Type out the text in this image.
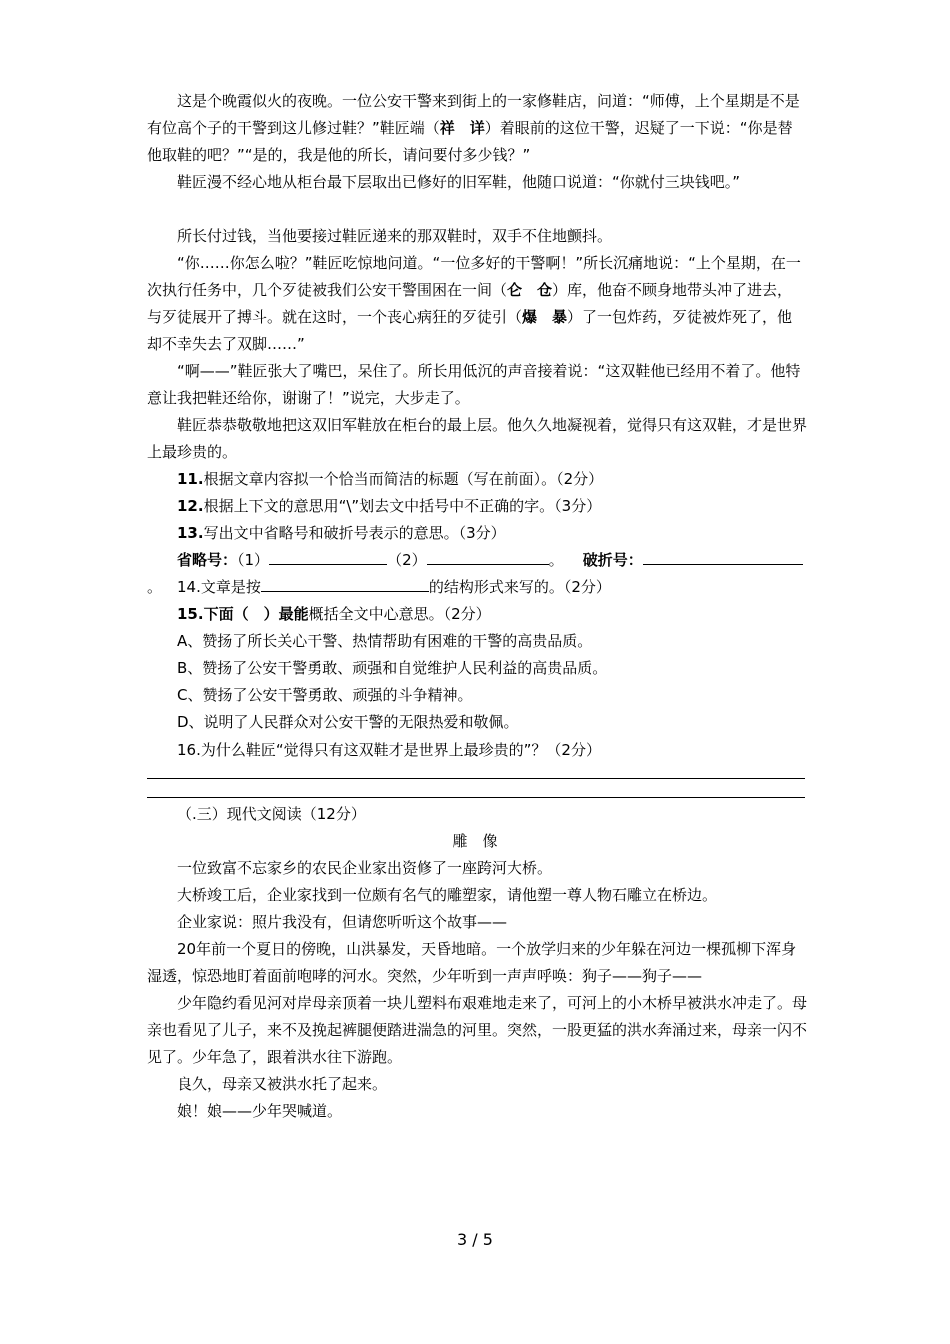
这是个晚霞似火的夜晚。一位公安干警来到街上的一家修鞋店，问道：“师傅，上个星期是不是有位高个子的干警到这儿修过鞋？”鞋匠端（祥　详）着眼前的这位干警，迟疑了一下说：“你是替他取鞋的吧？”“是的，我是他的所长，请问要付多少钱？”

鞋匠漫不经心地从柜台最下层取出已修好的旧军鞋，他随口说道：“你就付三块钱吧。”

所长付过钱，当他要接过鞋匠递来的那双鞋时，双手不住地颤抖。

“你……你怎么啦？”鞋匠吃惊地问道。“一位多好的干警啊！”所长沉痛地说：“上个星期，在一次执行任务中，几个歹徒被我们公安干警围困在一间（仑　仓）库，他奋不顾身地带头冲了进去，与歹徒展开了搏斗。就在这时，一个丧心病狂的歹徒引（爆　暴）了一包炸药，歹徒被炸死了，他却不幸失去了双脚……”

“啊——”鞋匠张大了嘴巴，呆住了。所长用低沉的声音接着说：“这双鞋他已经用不着了。他特意让我把鞋还给你，谢谢了！”说完，大步走了。

鞋匠恭恭敬敬地把这双旧军鞋放在柜台的最上层。他久久地凝视着，觉得只有这双鞋，才是世界上最珍贵的。

11.根据文章内容拟一个恰当而简洁的标题（写在前面）。（2分）

12.根据上下文的意思用“\”划去文中括号中不正确的字。（3分）

13.写出文中省略号和破折号表示的意思。（3分）

省略号：（1）	（2）	。 破折号：。 14.文章是按	的结构形式来写的。（2分）

15.下面（　）最能概括全文中心意思。（2分）

A、赞扬了所长关心干警、热情帮助有困难的干警的高贵品质。

B、赞扬了公安干警勇敢、顽强和自觉维护人民利益的高贵品质。

C、赞扬了公安干警勇敢、顽强的斗争精神。

D、说明了人民群众对公安干警的无限热爱和敬佩。

16.为什么鞋匠“觉得只有这双鞋才是世界上最珍贵的”？（2分）

（.三）现代文阅读（12分）

雕　像

一位致富不忘家乡的农民企业家出资修了一座跨河大桥。

大桥竣工后，企业家找到一位颇有名气的雕塑家，请他塑一尊人物石雕立在桥边。

企业家说：照片我没有，但请您听听这个故事——

20年前一个夏日的傍晚，山洪暴发，天昏地暗。一个放学归来的少年躲在河边一棵孤柳下浑身湿透，惊恐地盯着面前咆哮的河水。突然，少年听到一声声呼唤：狗子——狗子——

少年隐约看见河对岸母亲顶着一块儿塑料布艰难地走来了，可河上的小木桥早被洪水冲走了。母亲也看见了儿子，来不及挽起裤腿便踏进湍急的河里。突然，一股更猛的洪水奔涌过来，母亲一闪不见了。少年急了，跟着洪水往下游跑。

良久，母亲又被洪水托了起来。

娘！娘——少年哭喊道。

3 / 5
